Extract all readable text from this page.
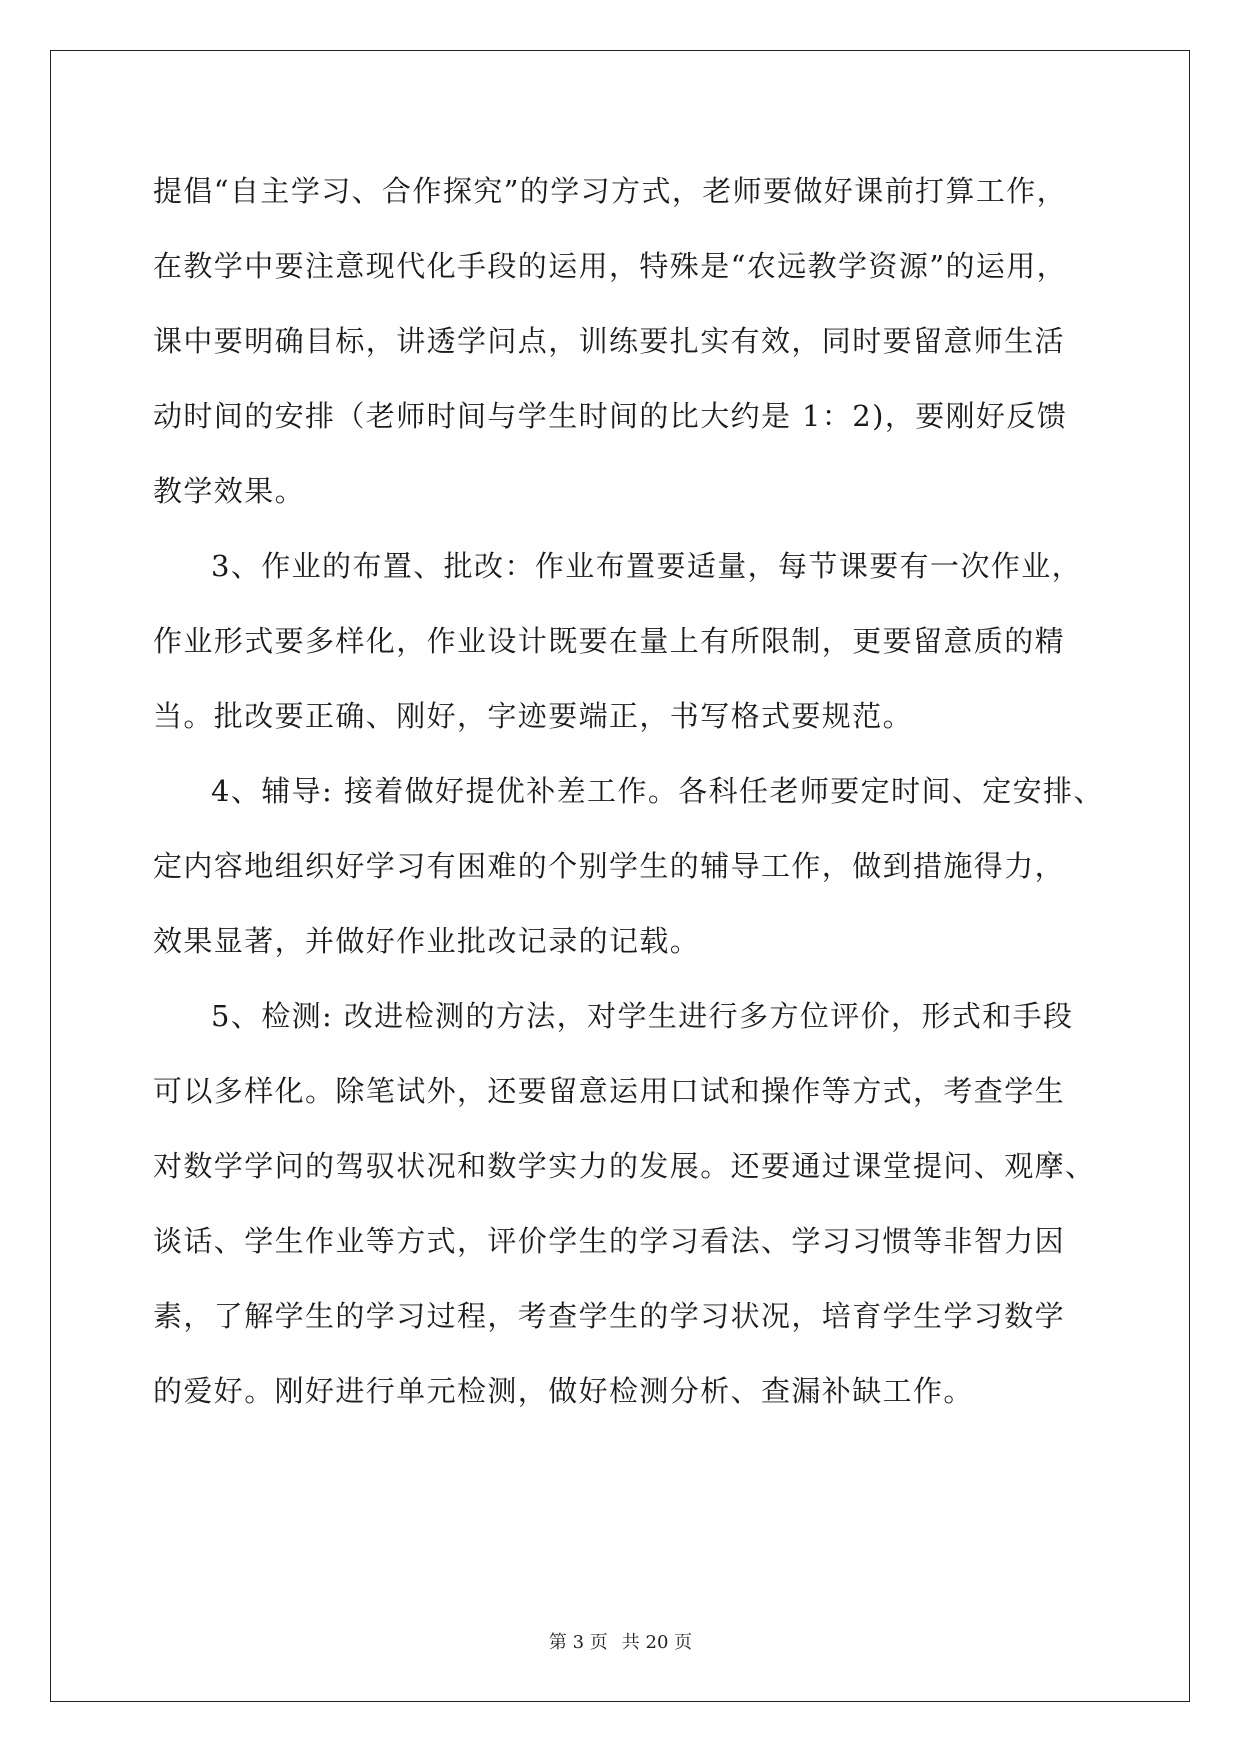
提倡“自主学习、合作探究”的学习方式，老师要做好课前打算工作，
在教学中要注意现代化手段的运用，特殊是“农远教学资源”的运用，
课中要明确目标，讲透学问点，训练要扎实有效，同时要留意师生活
动时间的安排（老师时间与学生时间的比大约是 1：2)，要刚好反馈
教学效果。
3、作业的布置、批改：作业布置要适量，每节课要有一次作业，
作业形式要多样化，作业设计既要在量上有所限制，更要留意质的精
当。批改要正确、刚好，字迹要端正，书写格式要规范。
4、辅导: 接着做好提优补差工作。各科任老师要定时间、定安排、
定内容地组织好学习有困难的个别学生的辅导工作，做到措施得力，
效果显著，并做好作业批改记录的记载。
5、检测: 改进检测的方法，对学生进行多方位评价，形式和手段
可以多样化。除笔试外，还要留意运用口试和操作等方式，考查学生
对数学学问的驾驭状况和数学实力的发展。还要通过课堂提问、观摩、
谈话、学生作业等方式，评价学生的学习看法、学习习惯等非智力因
素，了解学生的学习过程，考查学生的学习状况，培育学生学习数学
的爱好。刚好进行单元检测，做好检测分析、查漏补缺工作。
第 3 页 共 20 页
